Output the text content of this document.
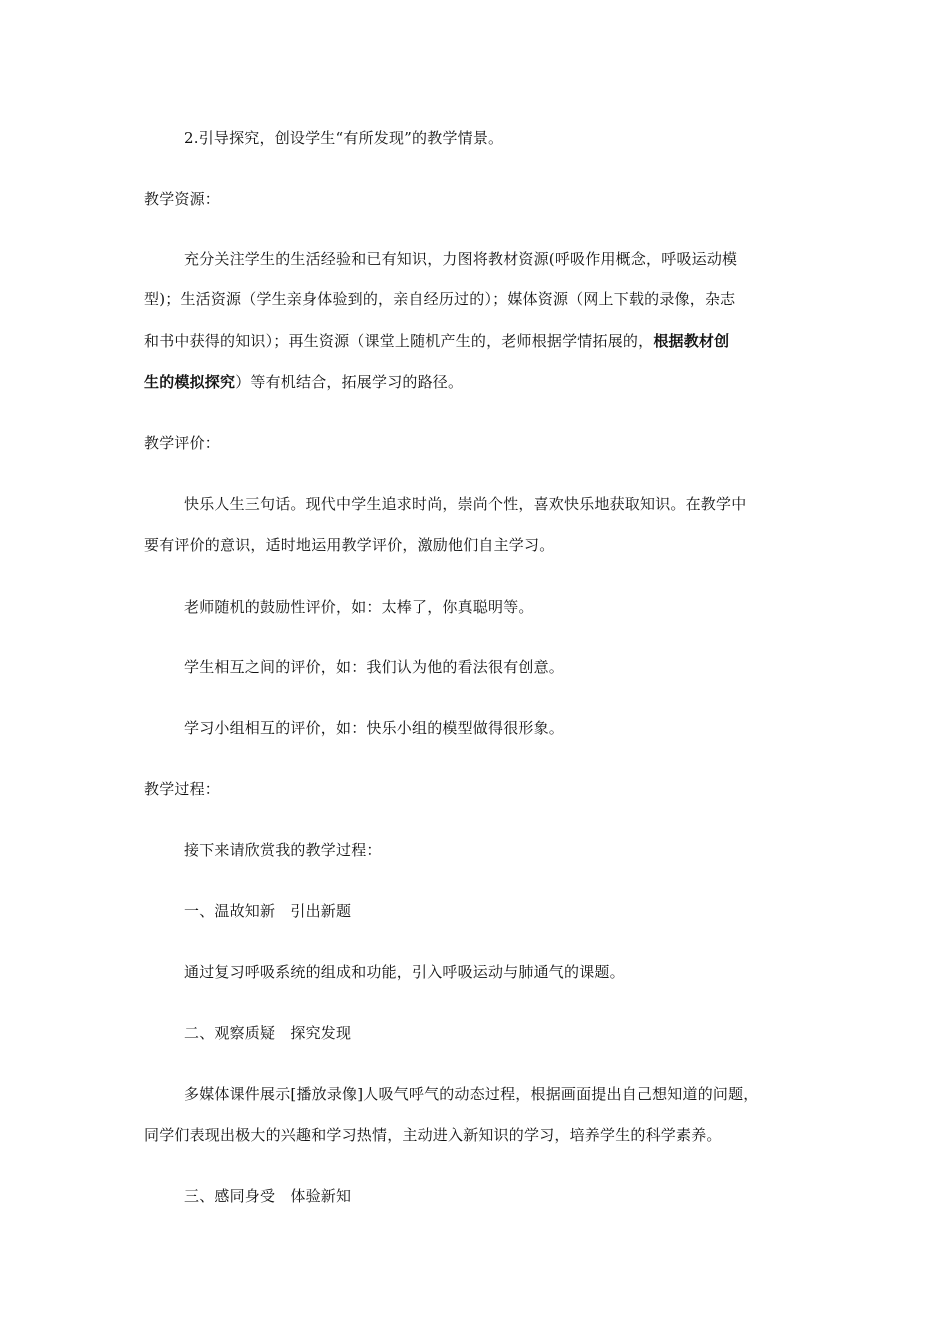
2.引导探究，创设学生“有所发现”的教学情景。
教学资源：
充分关注学生的生活经验和已有知识，力图将教材资源(呼吸作用概念，呼吸运动模
型)；生活资源（学生亲身体验到的，亲自经历过的）；媒体资源（网上下载的录像，杂志
和书中获得的知识）；再生资源（课堂上随机产生的，老师根据学情拓展的，根据教材创
生的模拟探究）等有机结合，拓展学习的路径。
教学评价：
快乐人生三句话。现代中学生追求时尚，崇尚个性，喜欢快乐地获取知识。在教学中
要有评价的意识，适时地运用教学评价，激励他们自主学习。
老师随机的鼓励性评价，如：太棒了，你真聪明等。
学生相互之间的评价，如：我们认为他的看法很有创意。
学习小组相互的评价，如：快乐小组的模型做得很形象。
教学过程：
接下来请欣赏我的教学过程：
一、温故知新　引出新题
通过复习呼吸系统的组成和功能，引入呼吸运动与肺通气的课题。
二、观察质疑　探究发现
多媒体课件展示[播放录像]人吸气呼气的动态过程，根据画面提出自己想知道的问题，
同学们表现出极大的兴趣和学习热情，主动进入新知识的学习，培养学生的科学素养。
三、感同身受　体验新知
